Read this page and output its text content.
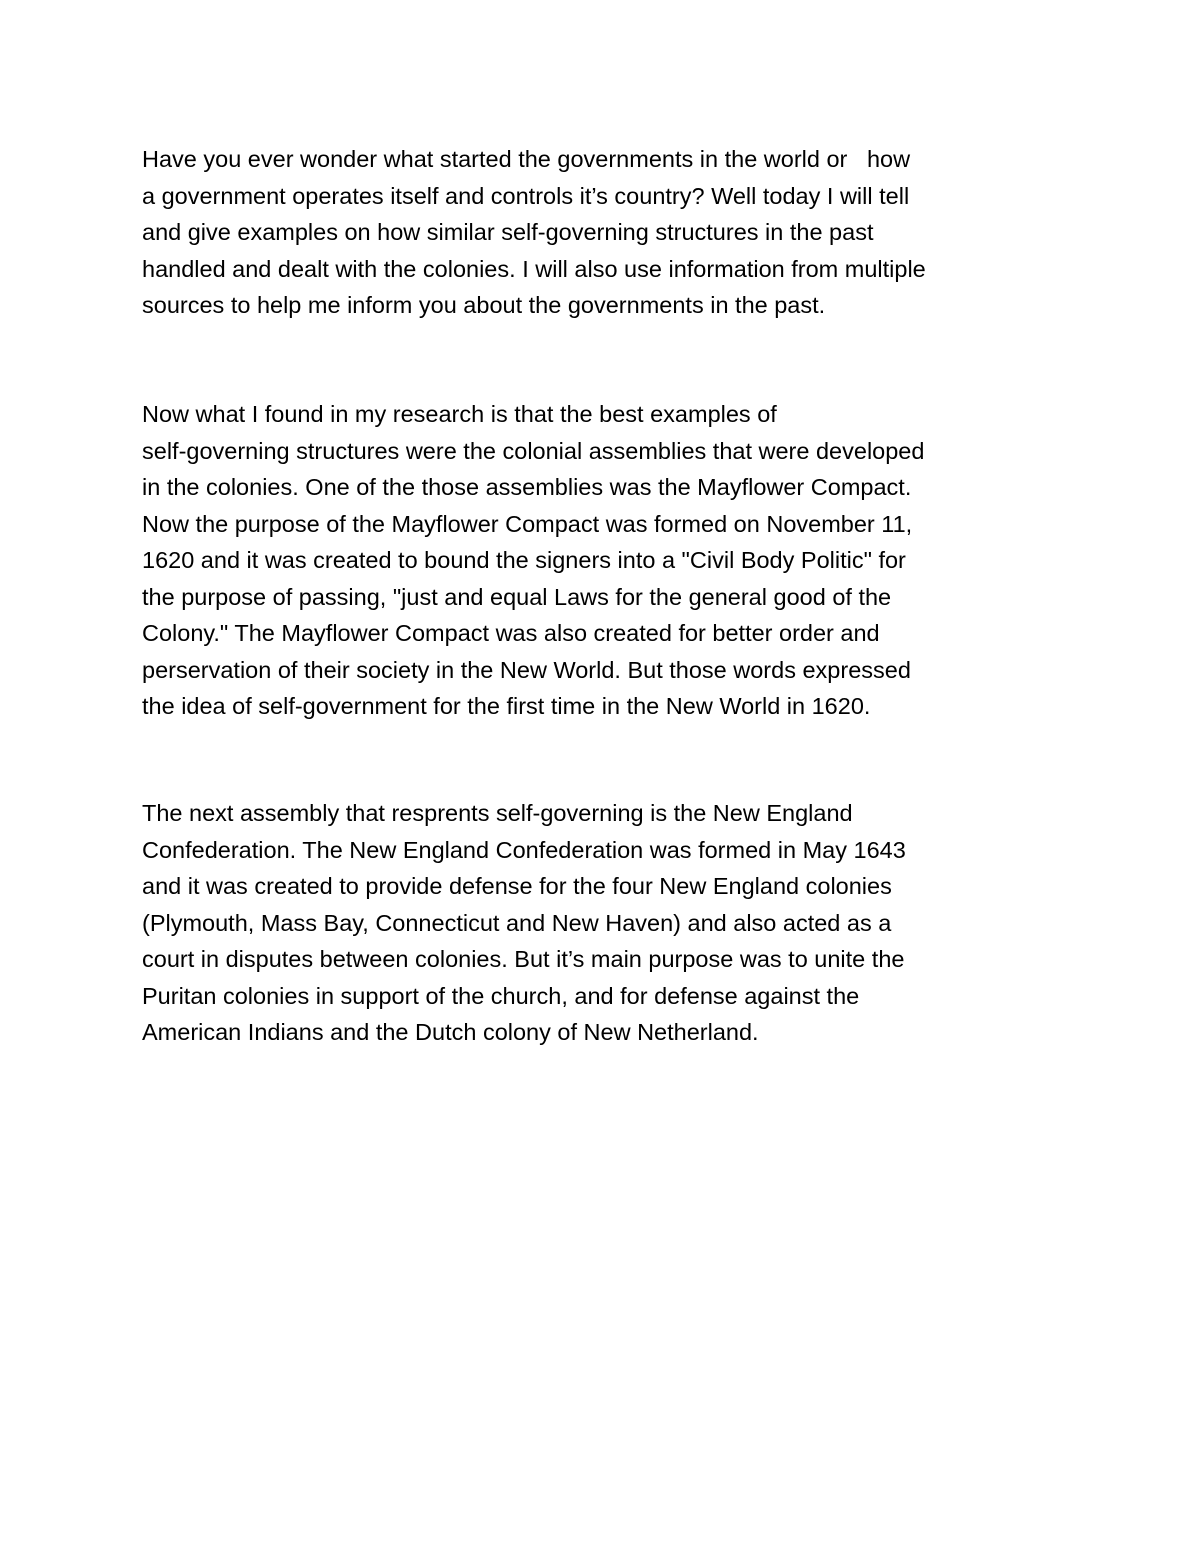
Have you ever wonder what started the governments in the world or   how
a government operates itself and controls it’s country? Well today I will tell
and give examples on how similar self-governing structures in the past
handled and dealt with the colonies. I will also use information from multiple
sources to help me inform you about the governments in the past.

Now what I found in my research is that the best examples of
self-governing structures were the colonial assemblies that were developed
in the colonies. One of the those assemblies was the Mayflower Compact.
Now the purpose of the Mayflower Compact was formed on November 11,
1620 and it was created to bound the signers into a "Civil Body Politic" for
the purpose of passing, "just and equal Laws for the general good of the
Colony." The Mayflower Compact was also created for better order and
perservation of their society in the New World. But those words expressed
the idea of self-government for the first time in the New World in 1620.

The next assembly that resprents self-governing is the New England
Confederation. The New England Confederation was formed in May 1643
and it was created to provide defense for the four New England colonies
(Plymouth, Mass Bay, Connecticut and New Haven) and also acted as a
court in disputes between colonies. But it’s main purpose was to unite the
Puritan colonies in support of the church, and for defense against the
American Indians and the Dutch colony of New Netherland.
